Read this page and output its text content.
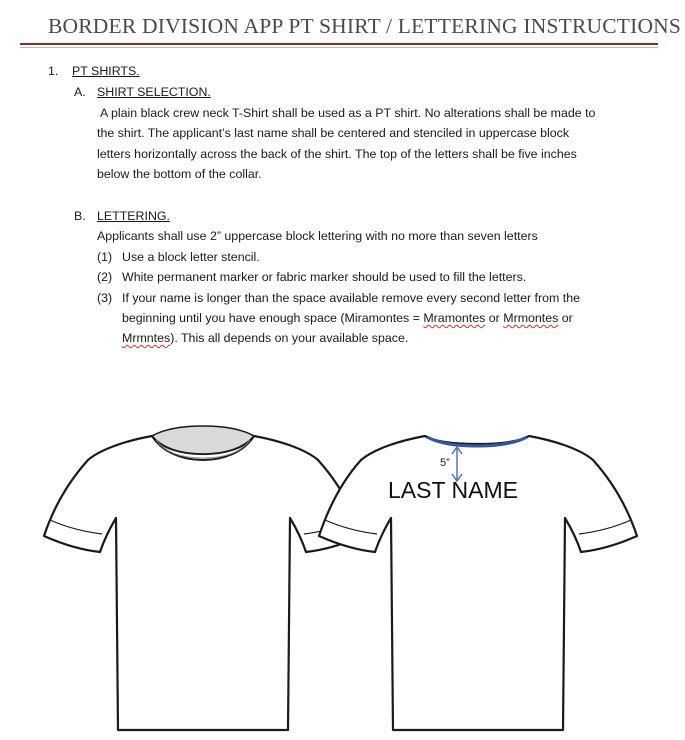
BORDER DIVISION APP PT SHIRT / LETTERING INSTRUCTIONS
1. PT SHIRTS.
A. SHIRT SELECTION.
A plain black crew neck T-Shirt shall be used as a PT shirt. No alterations shall be made to
the shirt. The applicant’s last name shall be centered and stenciled in uppercase block
letters horizontally across the back of the shirt. The top of the letters shall be five inches
below the bottom of the collar.
B. LETTERING.
Applicants shall use 2” uppercase block lettering with no more than seven letters
(1) Use a block letter stencil.
(2) White permanent marker or fabric marker should be used to fill the letters.
(3) If your name is longer than the space available remove every second letter from the
beginning until you have enough space (Miramontes = Mramontes or Mrmontes or
Mrmntes). This all depends on your available space.
5”
LAST NAME
